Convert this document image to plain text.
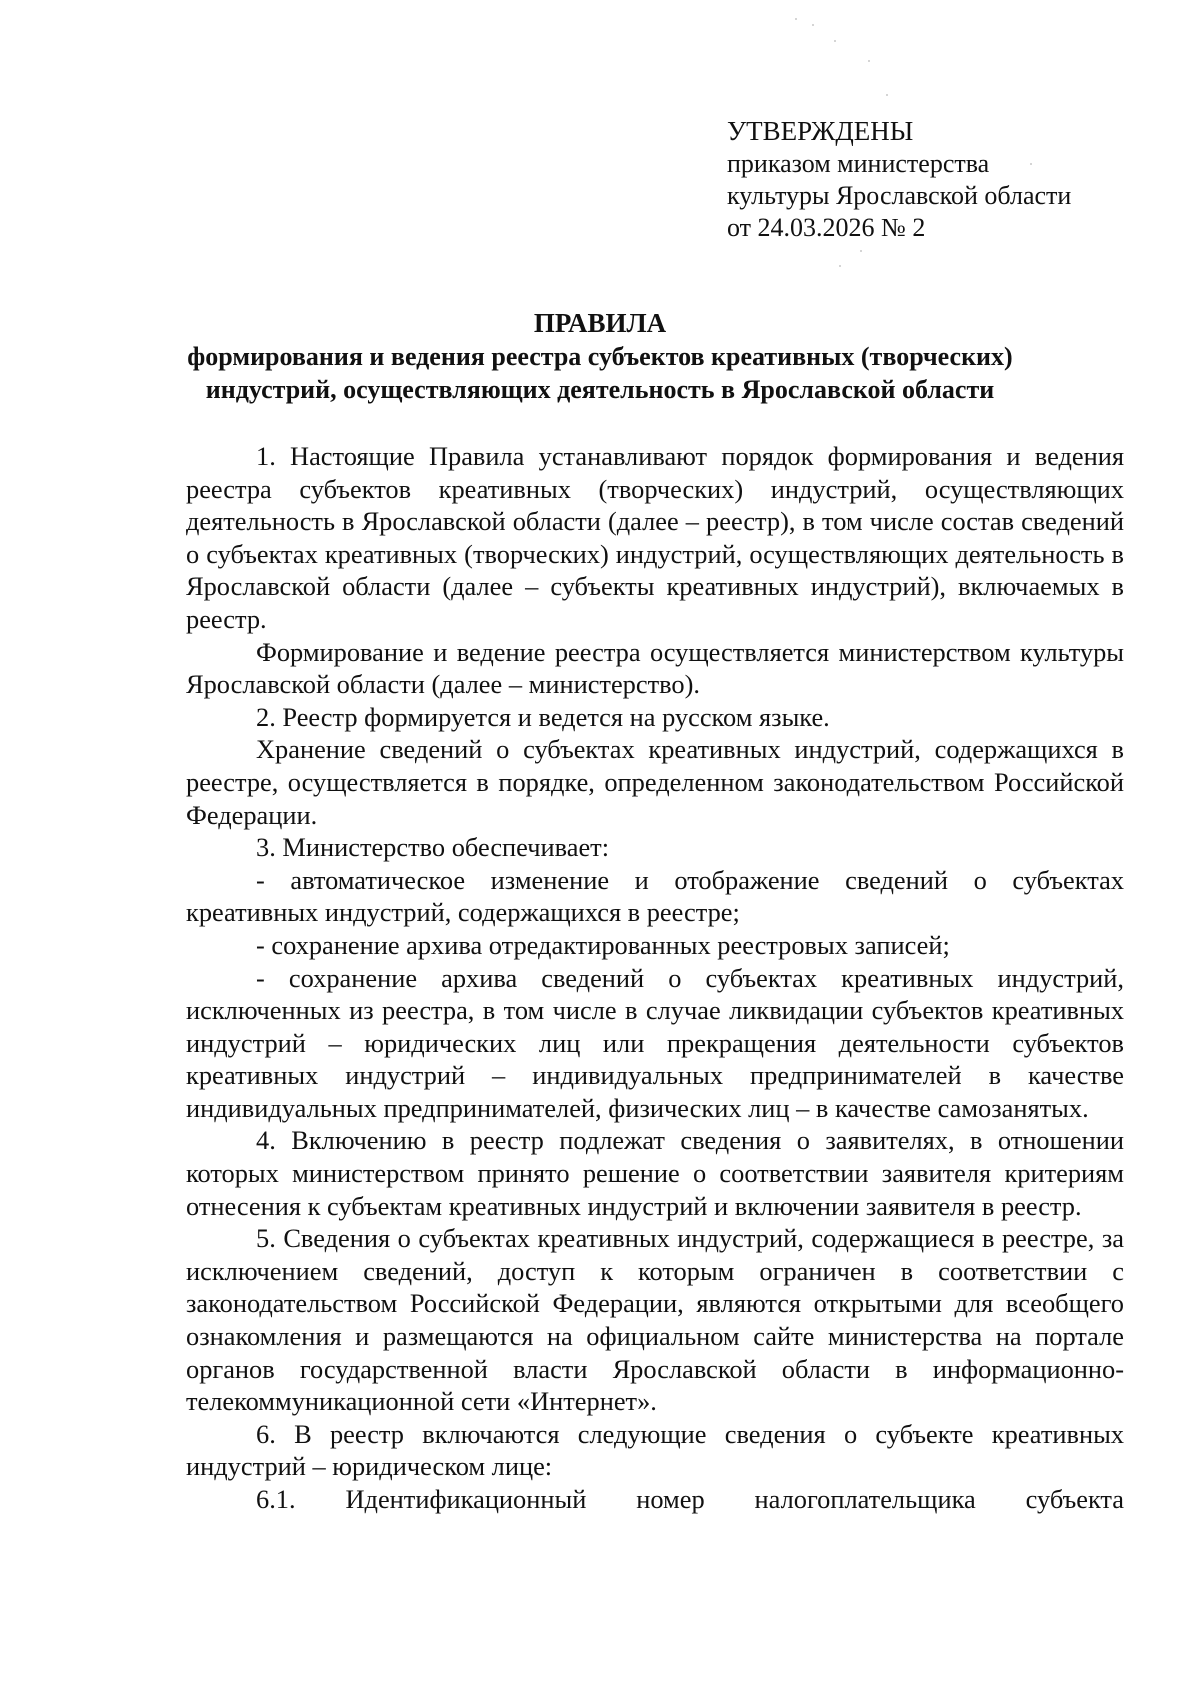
УТВЕРЖДЕНЫ
приказом министерства
культуры Ярославской области
от 24.03.2026 № 2
ПРАВИЛА
формирования и ведения реестра субъектов креативных (творческих) индустрий, осуществляющих деятельность в Ярославской области

1. Настоящие Правила устанавливают порядок формирования и ведения реестра субъектов креативных (творческих) индустрий, осуществляющих деятельность в Ярославской области (далее – реестр), в том числе состав сведений о субъектах креативных (творческих) индустрий, осуществляющих деятельность в Ярославской области (далее – субъекты креативных индустрий), включаемых в реестр.

Формирование и ведение реестра осуществляется министерством культуры Ярославской области (далее – министерство).

2. Реестр формируется и ведется на русском языке.

Хранение сведений о субъектах креативных индустрий, содержащихся в реестре, осуществляется в порядке, определенном законодательством Российской Федерации.

3. Министерство обеспечивает:

- автоматическое изменение и отображение сведений о субъектах креативных индустрий, содержащихся в реестре;

- сохранение архива отредактированных реестровых записей;

- сохранение архива сведений о субъектах креативных индустрий, исключенных из реестра, в том числе в случае ликвидации субъектов креативных индустрий – юридических лиц или прекращения деятельности субъектов креативных индустрий – индивидуальных предпринимателей в качестве индивидуальных предпринимателей, физических лиц – в качестве самозанятых.

4. Включению в реестр подлежат сведения о заявителях, в отношении которых министерством принято решение о соответствии заявителя критериям отнесения к субъектам креативных индустрий и включении заявителя в реестр.

5. Сведения о субъектах креативных индустрий, содержащиеся в реестре, за исключением сведений, доступ к которым ограничен в соответствии с законодательством Российской Федерации, являются открытыми для всеобщего ознакомления и размещаются на официальном сайте министерства на портале органов государственной власти Ярославской области в информационно-телекоммуникационной сети «Интернет».

6. В реестр включаются следующие сведения о субъекте креативных индустрий – юридическом лице:

6.1. Идентификационный номер налогоплательщика субъекта
